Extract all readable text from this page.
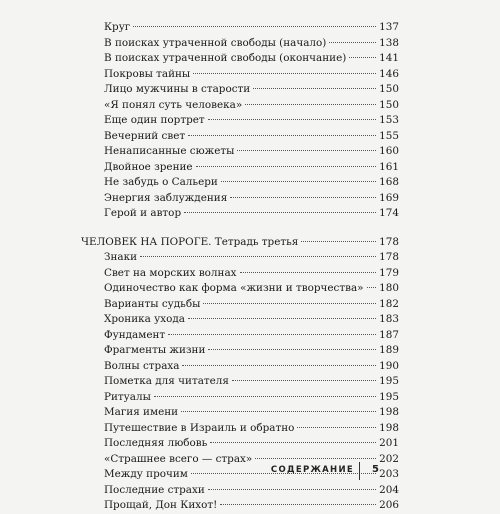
Круг	137
В поисках утраченной свободы (начало)	138
В поисках утраченной свободы (окончание)	141
Покровы тайны	146
Лицо мужчины в старости	150
«Я понял суть человека»	150
Еще один портрет	153
Вечерний свет	155
Ненаписанные сюжеты	160
Двойное зрение	161
Не забудь о Сальери	168
Энергия заблуждения	169
Герой и автор	174
ЧЕЛОВЕК НА ПОРОГЕ. Тетрадь третья	178
Знаки	178
Свет на морских волнах	179
Одиночество как форма «жизни и творчества» 180
Варианты судьбы	182
Хроника ухода	183
Фундамент	187
Фрагменты жизни	189
Волны страха	190
Пометка для читателя	195
Ритуалы	195
Магия имени	198
Путешествие в Израиль и обратно	198
Последняя любовь	201
«Страшнее всего — страх»	202
Между прочим	203
Последние страхи	204
Прощай, Дон Кихот!	206
СОДЕРЖАНИЕ 5
